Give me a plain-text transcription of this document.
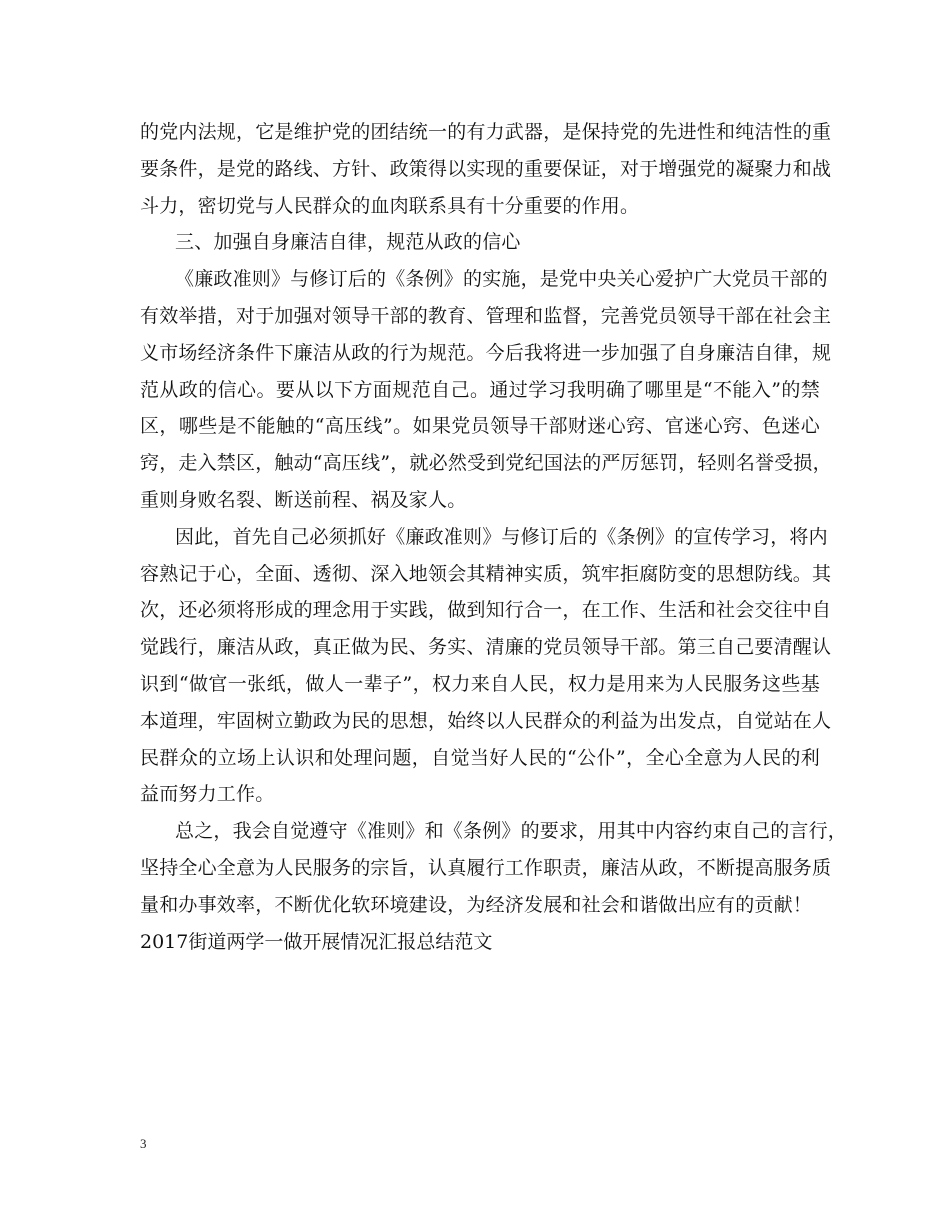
的党内法规，它是维护党的团结统一的有力武器，是保持党的先进性和纯洁性的重
要条件，是党的路线、方针、政策得以实现的重要保证，对于增强党的凝聚力和战
斗力，密切党与人民群众的血肉联系具有十分重要的作用。
三、加强自身廉洁自律，规范从政的信心
《廉政准则》与修订后的《条例》的实施，是党中央关心爱护广大党员干部的
有效举措，对于加强对领导干部的教育、管理和监督，完善党员领导干部在社会主
义市场经济条件下廉洁从政的行为规范。今后我将进一步加强了自身廉洁自律，规
范从政的信心。要从以下方面规范自己。通过学习我明确了哪里是“不能入”的禁
区，哪些是不能触的“高压线”。如果党员领导干部财迷心窍、官迷心窍、色迷心
窍，走入禁区，触动“高压线”，就必然受到党纪国法的严厉惩罚，轻则名誉受损，
重则身败名裂、断送前程、祸及家人。
因此，首先自己必须抓好《廉政准则》与修订后的《条例》的宣传学习，将内
容熟记于心，全面、透彻、深入地领会其精神实质，筑牢拒腐防变的思想防线。其
次，还必须将形成的理念用于实践，做到知行合一，在工作、生活和社会交往中自
觉践行，廉洁从政，真正做为民、务实、清廉的党员领导干部。第三自己要清醒认
识到“做官一张纸，做人一辈子”，权力来自人民，权力是用来为人民服务这些基
本道理，牢固树立勤政为民的思想，始终以人民群众的利益为出发点，自觉站在人
民群众的立场上认识和处理问题，自觉当好人民的“公仆”，全心全意为人民的利
益而努力工作。
总之，我会自觉遵守《准则》和《条例》的要求，用其中内容约束自己的言行，
坚持全心全意为人民服务的宗旨，认真履行工作职责，廉洁从政，不断提高服务质
量和办事效率，不断优化软环境建设，为经济发展和社会和谐做出应有的贡献！
2017街道两学一做开展情况汇报总结范文
3
